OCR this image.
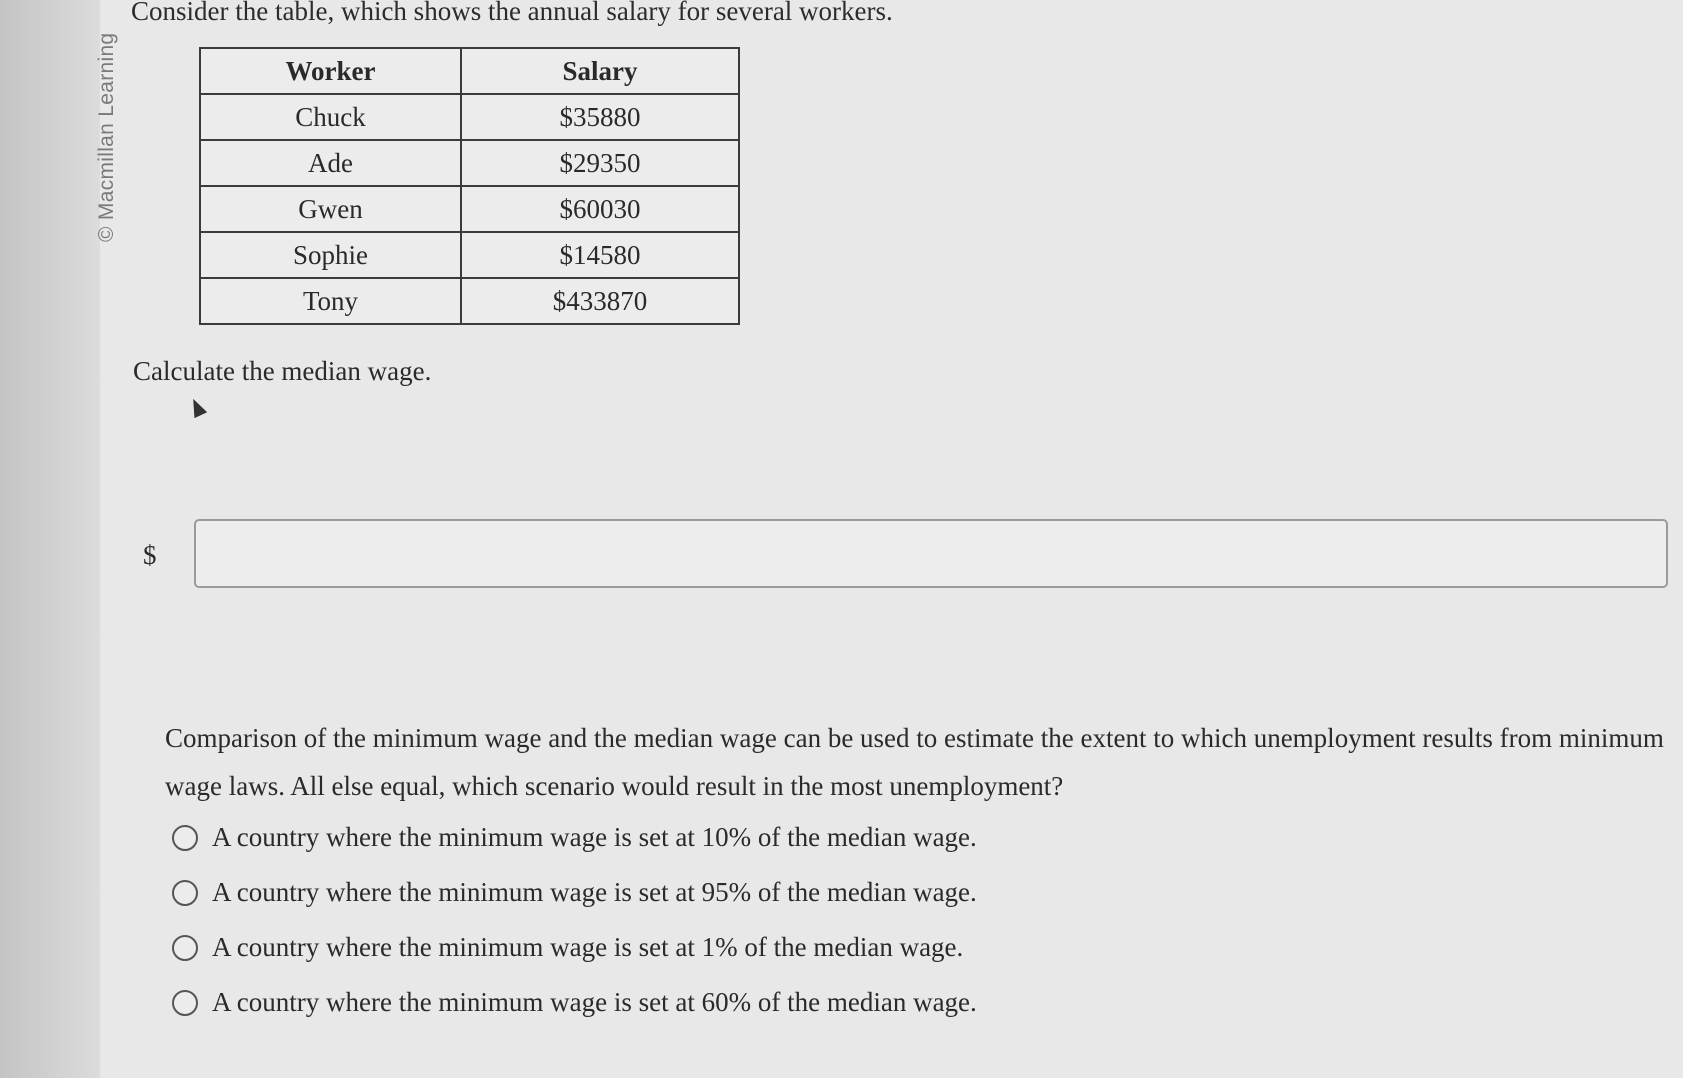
© Macmillan Learning
Consider the table, which shows the annual salary for several workers.
Worker	Salary
Chuck	$35880
Ade	$29350
Gwen	$60030
Sophie	$14580
Tony	$433870
Calculate the median wage.
$
Comparison of the minimum wage and the median wage can be used to estimate the extent to which unemployment results from minimum wage laws. All else equal, which scenario would result in the most unemployment?
A country where the minimum wage is set at 10% of the median wage.
A country where the minimum wage is set at 95% of the median wage.
A country where the minimum wage is set at 1% of the median wage.
A country where the minimum wage is set at 60% of the median wage.
